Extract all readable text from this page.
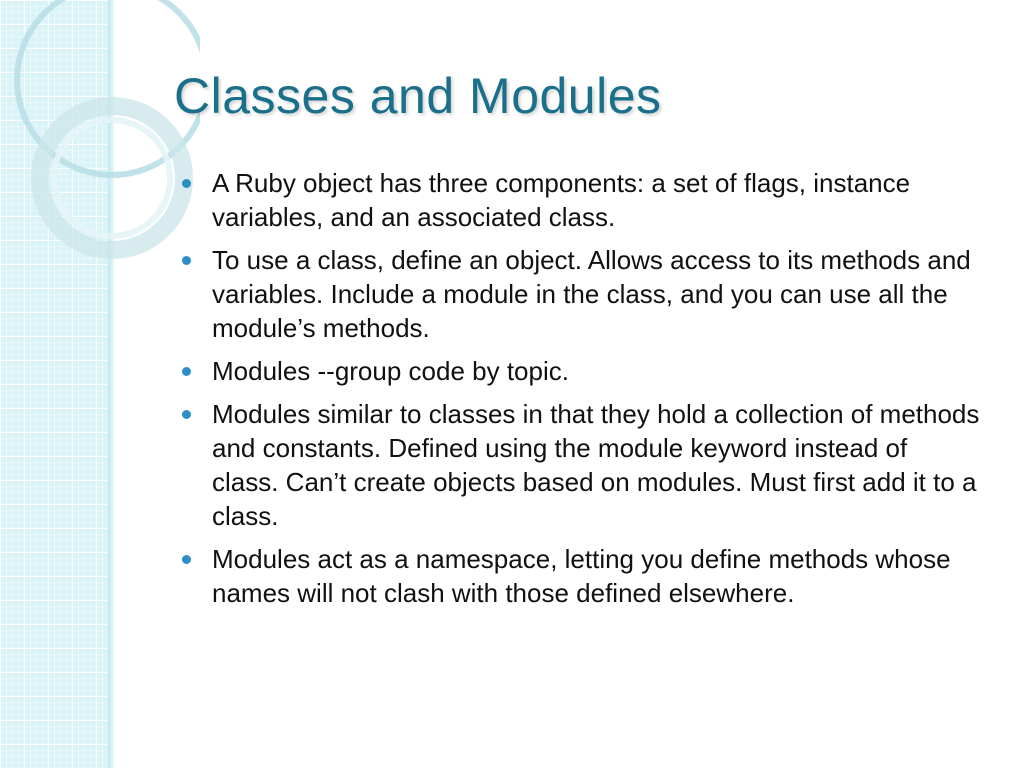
Classes and Modules
A Ruby object has three components: a set of flags, instance variables, and an associated class.
To use a class, define an object. Allows access to its methods and variables. Include a module in the class, and you can use all the module’s methods.
Modules --group code by topic.
Modules similar to classes in that they hold a collection of methods and constants. Defined using the module keyword instead of class. Can’t create objects based on modules. Must first add it to a class.
Modules act as a namespace, letting you define methods whose names will not clash with those defined elsewhere.
